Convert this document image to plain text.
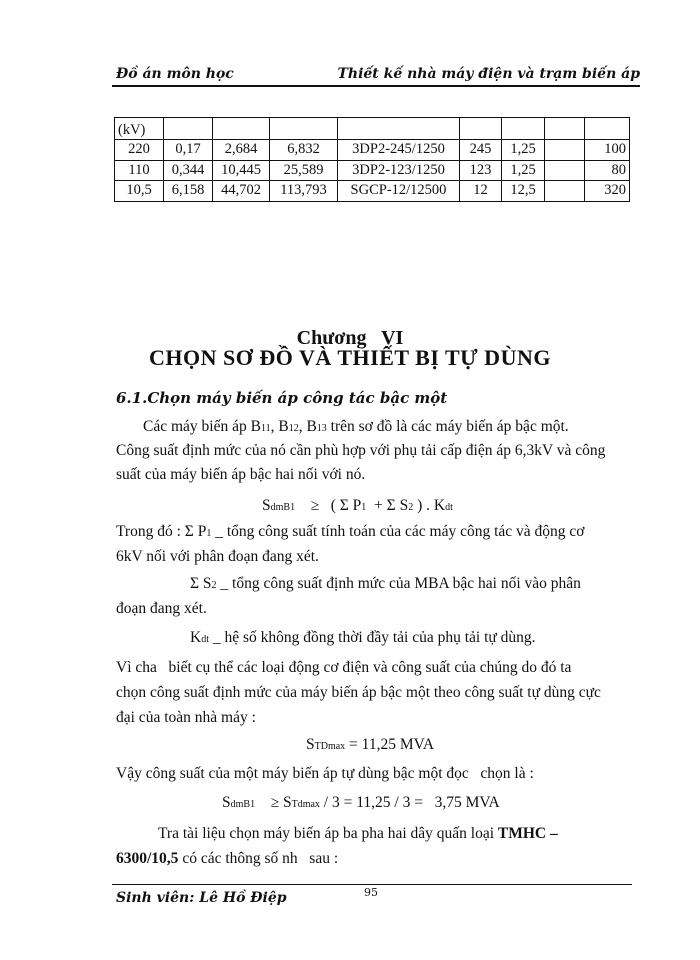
Đồ án môn học	Thiết kế nhà máy điện và trạm biến áp
(kV)								
220	0,17	2,684	6,832	3DP2-245/1250	245	1,25		100
110	0,344	10,445	25,589	3DP2-123/1250	123	1,25		80
10,5	6,158	44,702	113,793	SGCP-12/12500	12	12,5		320
Chương   VI
CHỌN SƠ ĐỒ VÀ THIẾT BỊ TỰ DÙNG
6.1.Chọn máy biến áp công tác bậc một
Các máy biến áp B11, B12, B13 trên sơ đồ là các máy biến áp bậc một.
Công suất định mức của nó cần phù hợp với phụ tải cấp điện áp 6,3kV và công
suất của máy biến áp bậc hai nối với nó.
SdmB1 ≥ ( Σ P1 + Σ S2 ) . Kdt
Trong đó : Σ P1 _ tổng công suất tính toán của các máy công tác và động cơ
6kV nối với phân đoạn đang xét.
Σ S2 _ tổng công suất định mức của MBA bậc hai nối vào phân
đoạn đang xét.
Kdt _ hệ số không đồng thời đầy tải của phụ tải tự dùng.
Vì cha   biết cụ thể các loại động cơ điện và công suất của chúng do đó ta
chọn công suất định mức của máy biến áp bậc một theo công suất tự dùng cực
đại của toàn nhà máy :
STDmax = 11,25 MVA
Vậy công suất của một máy biến áp tự dùng bậc một đọc   chọn là :
SdmB1 ≥ STdmax / 3 = 11,25 / 3 =   3,75 MVA
Tra tài liệu chọn máy biến áp ba pha hai dây quấn loại TMHC –
6300/10,5 có các thông số nh   sau :
95
Sinh viên: Lê Hồ Điệp
